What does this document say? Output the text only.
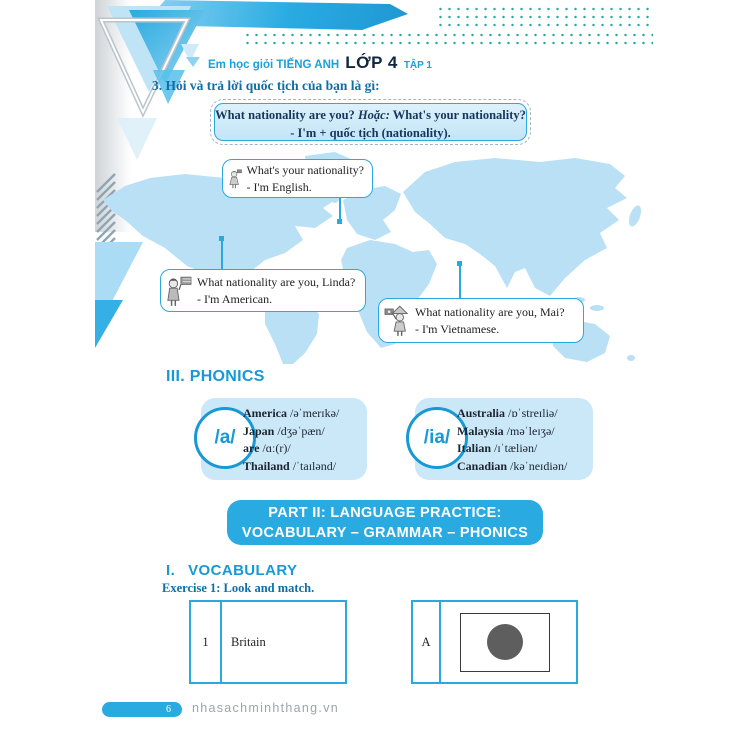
Em học giỏi TIẾNG ANH LỚP 4 TẬP 1
3. Hỏi và trả lời quốc tịch của bạn là gì:
What nationality are you? Hoặc: What's your nationality?
- I'm + quốc tịch (nationality).
What's your nationality?
- I'm English.
What nationality are you, Linda?
- I'm American.
What nationality are you, Mai?
- I'm Vietnamese.
III. PHONICS
/a/
America /əˈmerɪkə/
Japan /dʒəˈpæn/
are /ɑː(r)/
Thailand /ˈtaɪlənd/
/ia/
Australia /ɒˈstreɪliə/
Malaysia /məˈleɪʒə/
Italian /ɪˈtæliən/
Canadian /kəˈneɪdiən/
PART II: LANGUAGE PRACTICE:
VOCABULARY – GRAMMAR – PHONICS
I. VOCABULARY
Exercise 1: Look and match.
1	Britain	A
6	nhasachminhthang.vn
